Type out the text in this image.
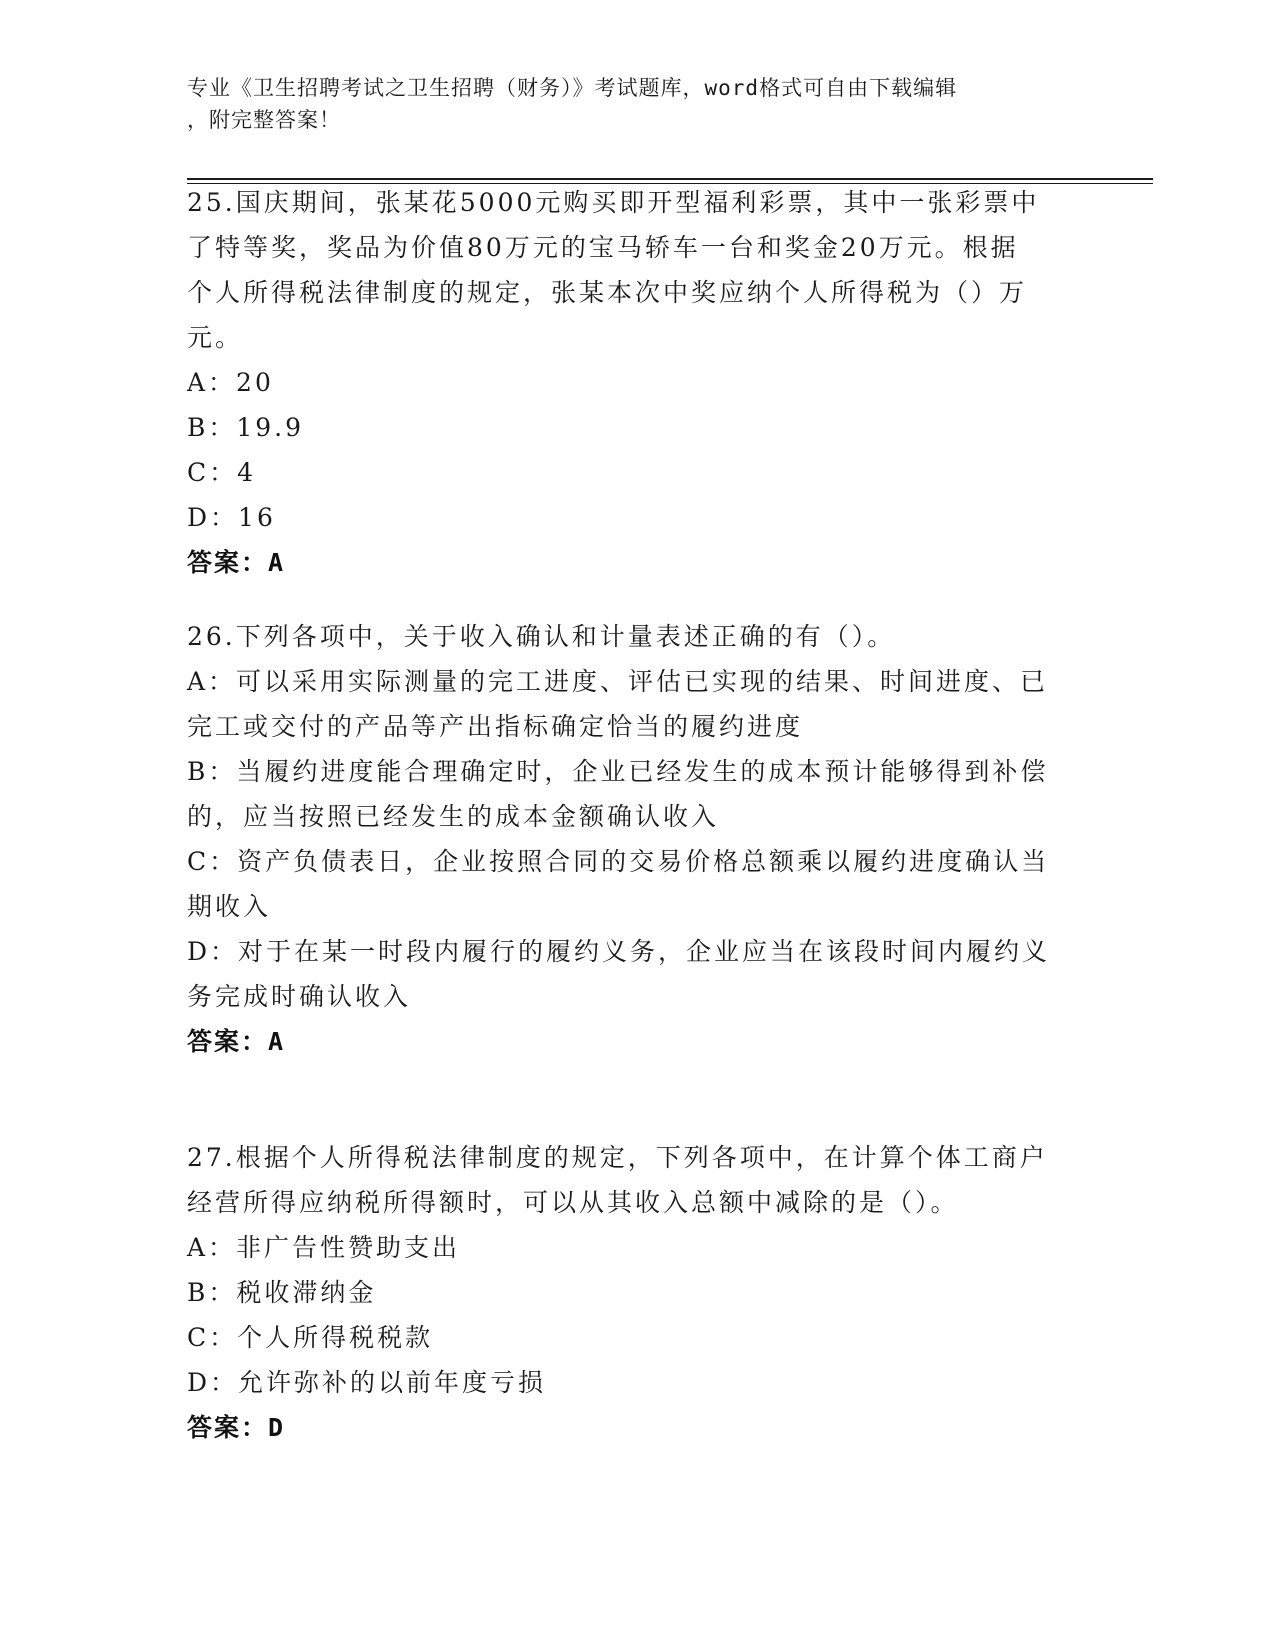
专业《卫生招聘考试之卫生招聘（财务）》考试题库，word格式可自由下载编辑
，附完整答案！
25.国庆期间，张某花5000元购买即开型福利彩票，其中一张彩票中
了特等奖，奖品为价值80万元的宝马轿车一台和奖金20万元。根据
个人所得税法律制度的规定，张某本次中奖应纳个人所得税为（）万
元。
A：20
B：19.9
C：4
D：16
答案：A
26.下列各项中，关于收入确认和计量表述正确的有（）。
A：可以采用实际测量的完工进度、评估已实现的结果、时间进度、已
完工或交付的产品等产出指标确定恰当的履约进度
B：当履约进度能合理确定时，企业已经发生的成本预计能够得到补偿
的，应当按照已经发生的成本金额确认收入
C：资产负债表日，企业按照合同的交易价格总额乘以履约进度确认当
期收入
D：对于在某一时段内履行的履约义务，企业应当在该段时间内履约义
务完成时确认收入
答案：A
27.根据个人所得税法律制度的规定，下列各项中，在计算个体工商户
经营所得应纳税所得额时，可以从其收入总额中减除的是（）。
A：非广告性赞助支出
B：税收滞纳金
C：个人所得税税款
D：允许弥补的以前年度亏损
答案：D
